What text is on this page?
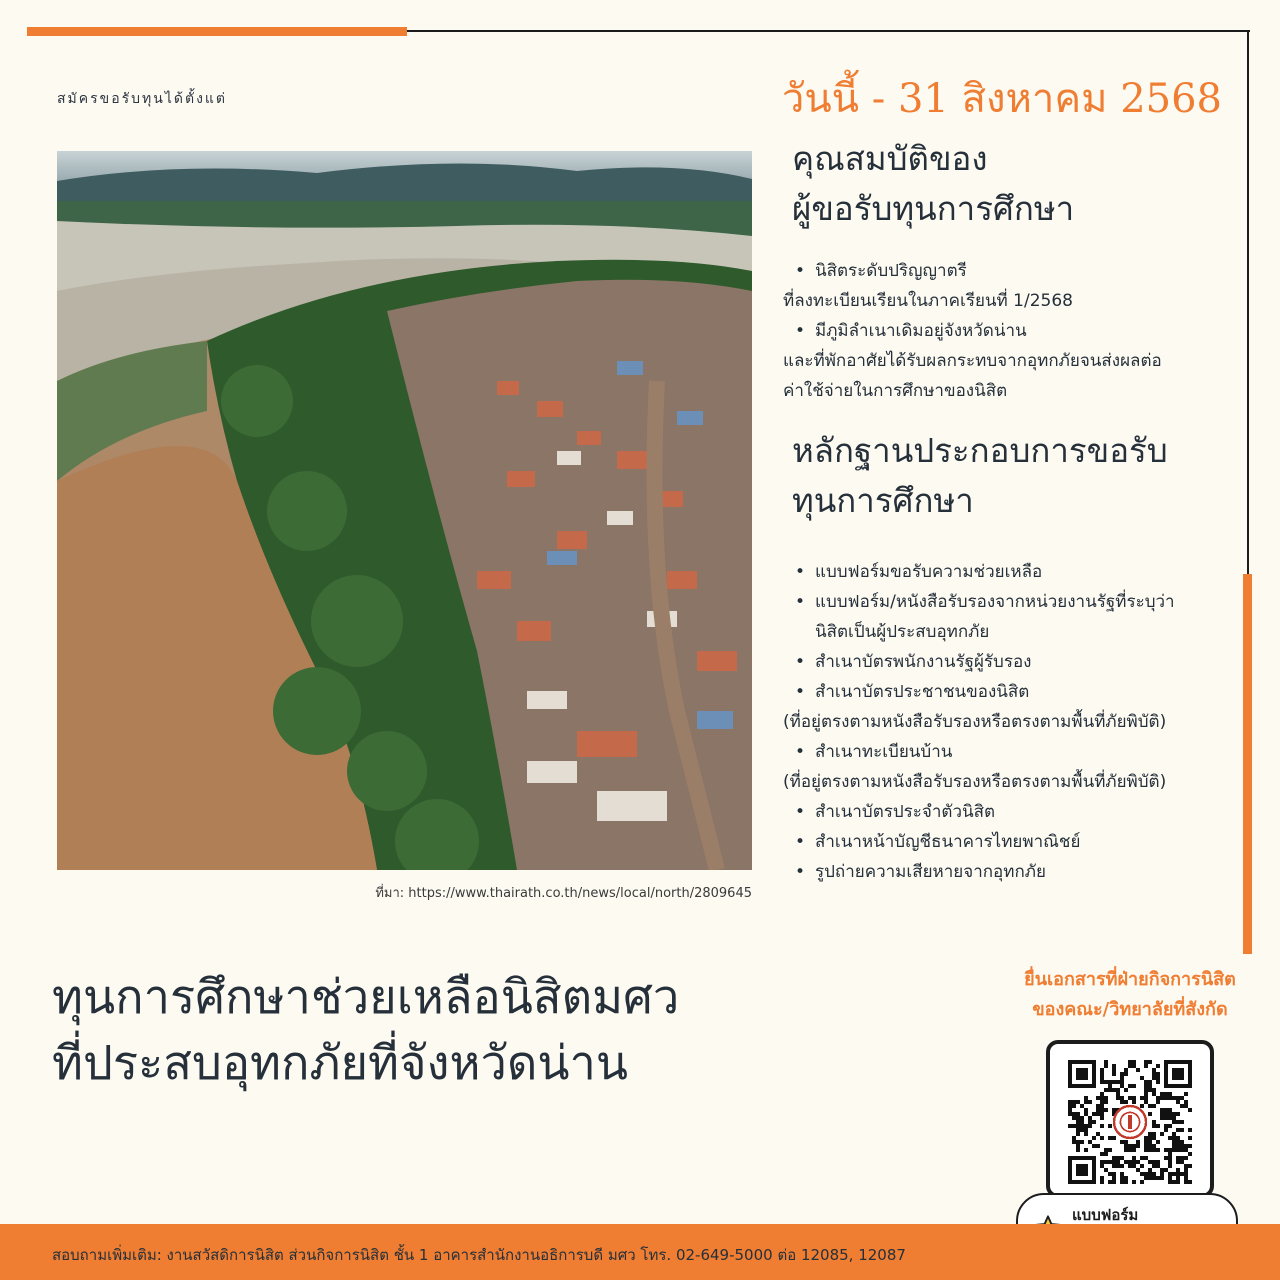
สมัครขอรับทุนได้ตั้งแต่	วันนี้ - 31 สิงหาคม 2568
ที่มา: https://www.thairath.co.th/news/local/north/2809645
คุณสมบัติของ
ผู้ขอรับทุนการศึกษา
• นิสิตระดับปริญญาตรี
ที่ลงทะเบียนเรียนในภาคเรียนที่ 1/2568
• มีภูมิลำเนาเดิมอยู่จังหวัดน่าน
และที่พักอาศัยได้รับผลกระทบจากอุทกภัยจนส่งผลต่อ
ค่าใช้จ่ายในการศึกษาของนิสิต
หลักฐานประกอบการขอรับ
ทุนการศึกษา
• แบบฟอร์มขอรับความช่วยเหลือ
• แบบฟอร์ม/หนังสือรับรองจากหน่วยงานรัฐที่ระบุว่า
นิสิตเป็นผู้ประสบอุทกภัย
• สำเนาบัตรพนักงานรัฐผู้รับรอง
• สำเนาบัตรประชาชนของนิสิต
(ที่อยู่ตรงตามหนังสือรับรองหรือตรงตามพื้นที่ภัยพิบัติ)
• สำเนาทะเบียนบ้าน
(ที่อยู่ตรงตามหนังสือรับรองหรือตรงตามพื้นที่ภัยพิบัติ)
• สำเนาบัตรประจำตัวนิสิต
• สำเนาหน้าบัญชีธนาคารไทยพาณิชย์
• รูปถ่ายความเสียหายจากอุทกภัย
ทุนการศึกษาช่วยเหลือนิสิตมศว
ที่ประสบอุทกภัยที่จังหวัดน่าน
ยื่นเอกสารที่ฝ่ายกิจการนิสิต
ของคณะ/วิทยาลัยที่สังกัด
แบบฟอร์ม
สอบถามเพิ่มเติม: งานสวัสดิการนิสิต ส่วนกิจการนิสิต ชั้น 1 อาคารสำนักงานอธิการบดี มศว โทร. 02-649-5000 ต่อ 12085, 12087
